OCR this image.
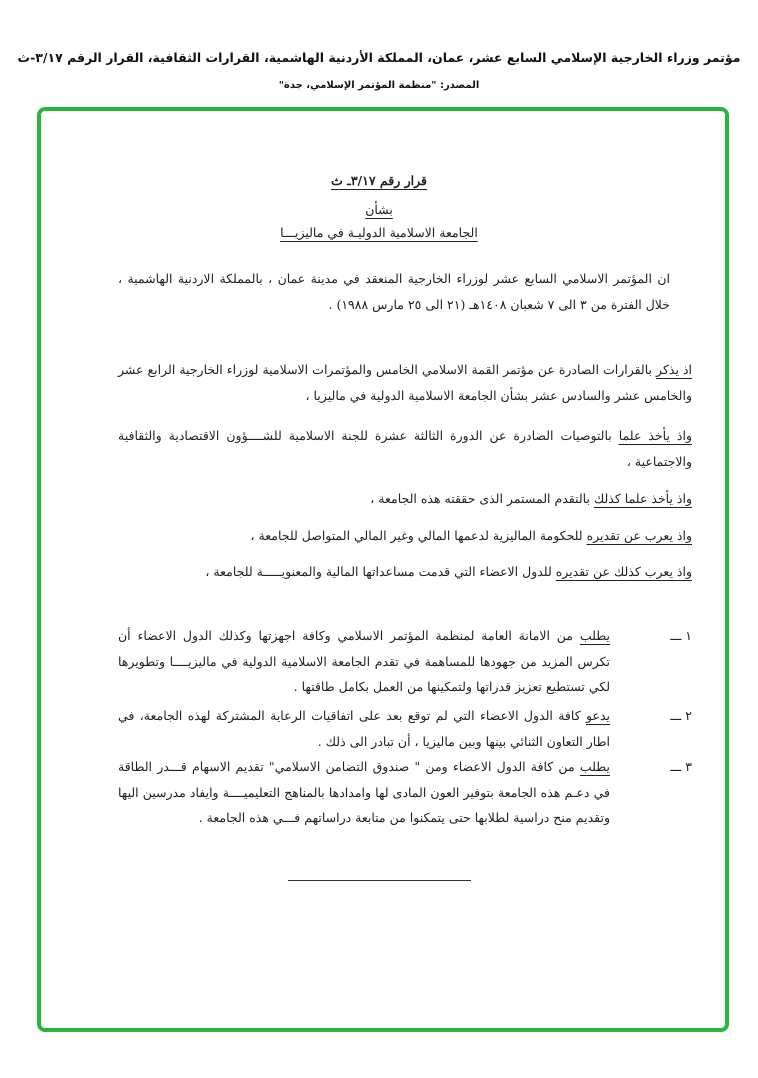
مؤتمر وزراء الخارجية الإسلامي السابع عشر، عمان، المملكة الأردنية الهاشمية، القرارات الثقافية، القرار الرقم ٣/١٧-ث
المصدر: "منظمة المؤتمر الإسلامي، جدة"
قرار رقم ٣/١٧ـ ث
بشأن
الجامعة الاسلامية الدوليـة في ماليزيـــا
ان المؤتمر الاسلامي السابع عشر لوزراء الخارجية المنعقد في مدينة عمان ، بالمملكة الاردنية الهاشمية ، خلال الفترة من ٣ الى ٧ شعبان ١٤٠٨هـ (٢١ الى ٢٥ مارس ١٩٨٨) .
اذ يذكر بالقرارات الصادرة عن مؤتمر القمة الاسلامي الخامس والمؤتمرات الاسلامية لوزراء الخارجية الرابع عشر والخامس عشر والسادس عشر بشأن الجامعة الاسلامية الدولية في ماليزيا ،
واذ يأخذ علما بالتوصيات الصادرة عن الدورة الثالثة عشرة للجنة الاسلامية للشــــؤون الاقتصادية والثقافية والاجتماعية ،
واذ يأخذ علما كذلك بالتقدم المستمر الذى حققته هذه الجامعة ،
واذ يعرب عن تقديره للحكومة الماليزية لدعمها المالي وغير المالي المتواصل للجامعة ،
واذ يعرب كذلك عن تقديره للدول الاعضاء التي قدمت مساعداتها المالية والمعنويـــــة للجامعة ،
١ ـــ
يطلب من الامانة العامة لمنظمة المؤتمر الاسلامي وكافة اجهزتها وكذلك الدول الاعضاء أن تكرس المزيد من جهودها للمساهمة في تقدم الجامعة الاسلامية الدولية في ماليزيــــا وتطويرها لكي تستطيع تعزيز قدراتها ولتمكينها من العمل بكامل طاقتها .
٢ ـــ
يدعو كافة الدول الاعضاء التي لم توقع بعد على اتفاقيات الرعاية المشتركة لهذه الجامعة، في اطار التعاون الثنائي بينها وبين ماليزيا ، أن تبادر الى ذلك .
٣ ـــ
يطلب من كافة الدول الاعضاء ومن " صندوق التضامن الاسلامي" تقديم الاسهام قـــدر الطاقة في دعـم هذه الجامعة بتوفير العون المادى لها وامدادها بالمناهج التعليميــــة وايفاد مدرسين اليها وتقديم منح دراسية لطلابها حتى يتمكنوا من متابعة دراساتهم فـــي هذه الجامعة .
